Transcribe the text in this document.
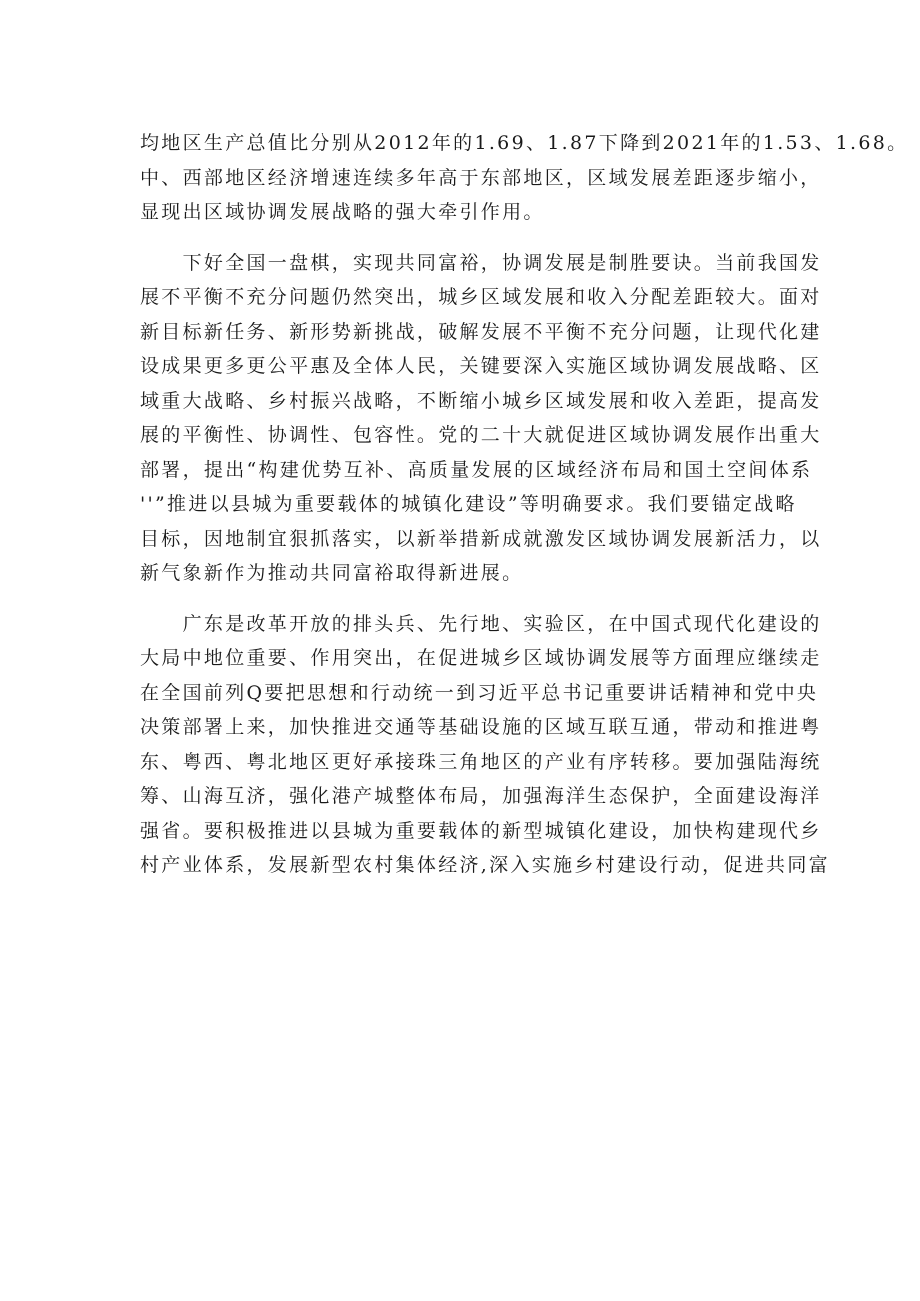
均地区生产总值比分别从2012年的1.69、1.87下降到2021年的1.53、1.68。
中、西部地区经济增速连续多年高于东部地区，区域发展差距逐步缩小，
显现出区域协调发展战略的强大牵引作用。
　　下好全国一盘棋，实现共同富裕，协调发展是制胜要诀。当前我国发
展不平衡不充分问题仍然突出，城乡区域发展和收入分配差距较大。面对
新目标新任务、新形势新挑战，破解发展不平衡不充分问题，让现代化建
设成果更多更公平惠及全体人民，关键要深入实施区域协调发展战略、区
域重大战略、乡村振兴战略，不断缩小城乡区域发展和收入差距，提高发
展的平衡性、协调性、包容性。党的二十大就促进区域协调发展作出重大
部署，提出“构建优势互补、高质量发展的区域经济布局和国土空间体系
''”推进以县城为重要载体的城镇化建设”等明确要求。我们要锚定战略
目标，因地制宜狠抓落实，以新举措新成就激发区域协调发展新活力，以
新气象新作为推动共同富裕取得新进展。
　　广东是改革开放的排头兵、先行地、实验区，在中国式现代化建设的
大局中地位重要、作用突出，在促进城乡区域协调发展等方面理应继续走
在全国前列Q要把思想和行动统一到习近平总书记重要讲话精神和党中央
决策部署上来，加快推进交通等基础设施的区域互联互通，带动和推进粤
东、粤西、粤北地区更好承接珠三角地区的产业有序转移。要加强陆海统
筹、山海互济，强化港产城整体布局，加强海洋生态保护，全面建设海洋
强省。要积极推进以县城为重要载体的新型城镇化建设，加快构建现代乡
村产业体系，发展新型农村集体经济,深入实施乡村建设行动，促进共同富
